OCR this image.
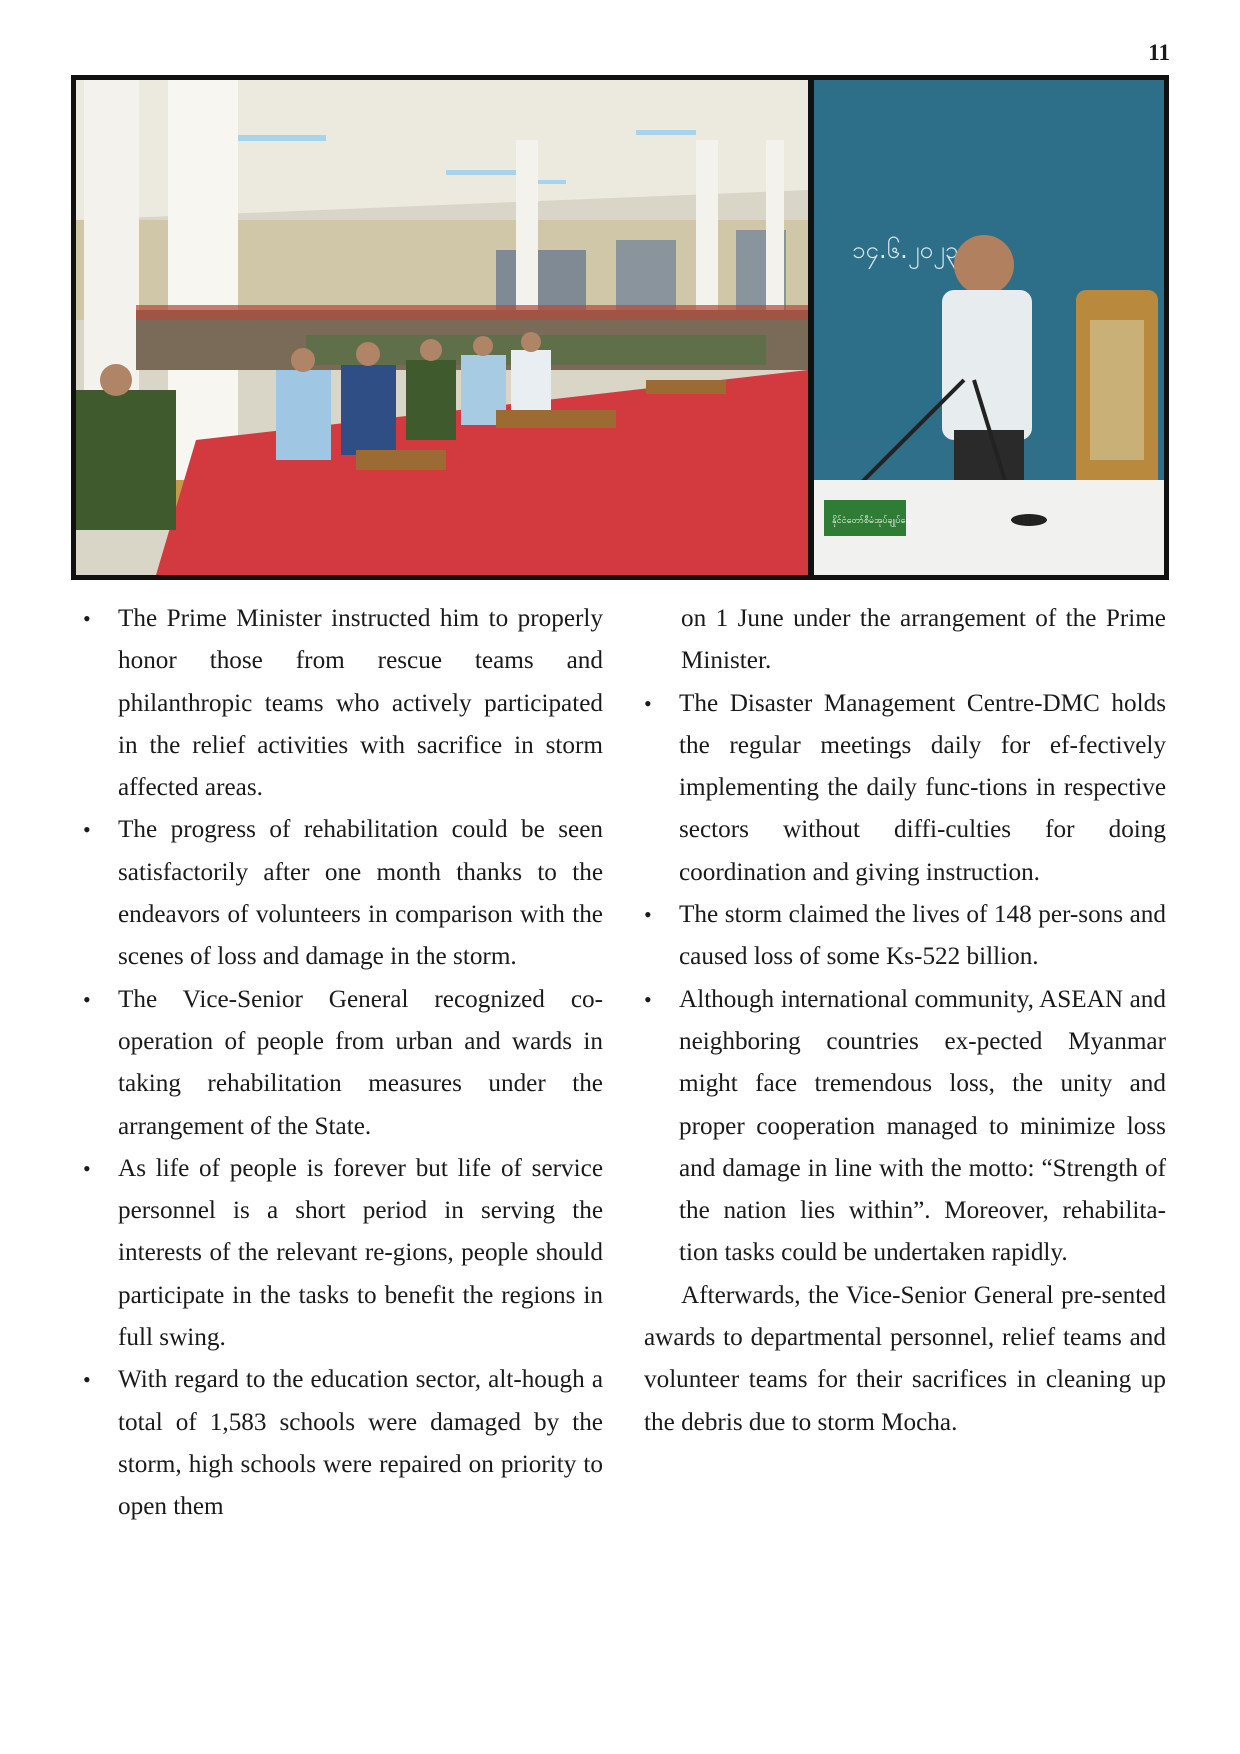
11
၁၄.၆.၂၀၂၃
နိုင်ငံတော်စီမံအုပ်ချုပ်ရေး

• The Prime Minister instructed him to properly honor those from rescue teams and philanthropic teams who actively participated in the relief activities with sacrifice in storm affected areas.

• The progress of rehabilitation could be seen satisfactorily after one month thanks to the endeavors of volunteers in comparison with the scenes of loss and damage in the storm.

• The Vice-Senior General recognized co-operation of people from urban and wards in taking rehabilitation measures under the arrangement of the State.

• As life of people is forever but life of service personnel is a short period in serving the interests of the relevant re-gions, people should participate in the tasks to benefit the regions in full swing.

• With regard to the education sector, alt-hough a total of 1,583 schools were damaged by the storm, high schools were repaired on priority to open them

on 1 June under the arrangement of the Prime Minister.

• The Disaster Management Centre-DMC holds the regular meetings daily for ef-fectively implementing the daily func-tions in respective sectors without diffi-culties for doing coordination and giving instruction.

• The storm claimed the lives of 148 per-sons and caused loss of some Ks-522 billion.

• Although international community, ASEAN and neighboring countries ex-pected Myanmar might face tremendous loss, the unity and proper cooperation managed to minimize loss and damage in line with the motto: “Strength of the nation lies within”. Moreover, rehabilita-tion tasks could be undertaken rapidly.

Afterwards, the Vice-Senior General pre-sented awards to departmental personnel, relief teams and volunteer teams for their sacrifices in cleaning up the debris due to storm Mocha.
